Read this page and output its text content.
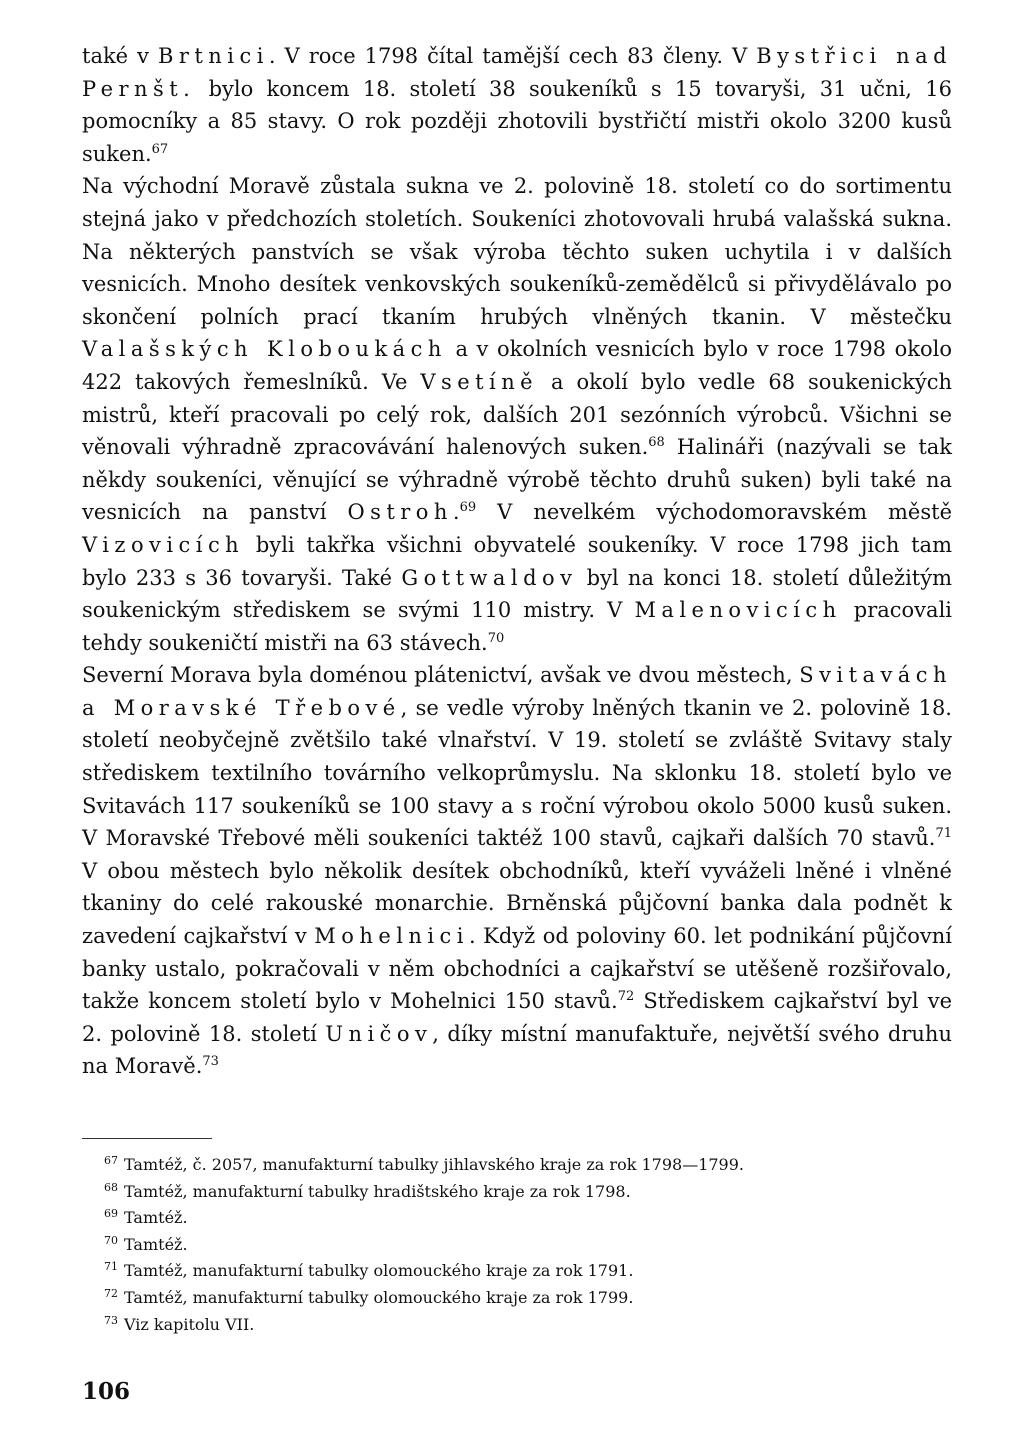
také v Brtnici. V roce 1798 čítal tamější cech 83 členy. V Bystřici nad Pernšt. bylo koncem 18. století 38 soukeníků s 15 tovaryši, 31 učni, 16 pomocníky a 85 stavy. O rok později zhotovili bystřičtí mistři okolo 3200 kusů suken.$^{67}$

Na východní Moravě zůstala sukna ve 2. polovině 18. století co do sortimentu stejná jako v předchozích stoletích. Soukeníci zhotovovali hrubá valašská sukna. Na některých panstvích se však výroba těchto suken uchytila i v dalších vesnicích. Mnoho desítek venkovských soukeníků-zemědělců si přivydělávalo po skončení polních prací tkaním hrubých vlněných tkanin. V městečku Valašských Kloboukách a v okolních vesnicích bylo v roce 1798 okolo 422 takových řemeslníků. Ve Vsetíně a okolí bylo vedle 68 soukenických mistrů, kteří pracovali po celý rok, dalších 201 sezónních výrobců. Všichni se věnovali výhradně zpracovávání halenových suken.$^{68}$ Halináři (nazývali se tak někdy soukeníci, věnující se výhradně výrobě těchto druhů suken) byli také na vesnicích na panství Ostroh.$^{69}$ V nevelkém východomoravském městě Vizovicích byli takřka všichni obyvatelé soukeníky. V roce 1798 jich tam bylo 233 s 36 tovaryši. Také Gottwaldov byl na konci 18. století důležitým soukenickým střediskem se svými 110 mistry. V Malenovicích pracovali tehdy soukeničtí mistři na 63 stávech.$^{70}$

Severní Morava byla doménou plátenictví, avšak ve dvou městech, Svitavách a Moravské Třebové, se vedle výroby lněných tkanin ve 2. polovině 18. století neobyčejně zvětšilo také vlnařství. V 19. století se zvláště Svitavy staly střediskem textilního továrního velkoprůmyslu. Na sklonku 18. století bylo ve Svitavách 117 soukeníků se 100 stavy a s roční výrobou okolo 5000 kusů suken. V Moravské Třebové měli soukeníci taktéž 100 stavů, cajkaři dalších 70 stavů.$^{71}$ V obou městech bylo několik desítek obchodníků, kteří vyváželi lněné i vlněné tkaniny do celé rakouské monarchie. Brněnská půjčovní banka dala podnět k zavedení cajkařství v Mohelnici. Když od poloviny 60. let podnikání půjčovní banky ustalo, pokračovali v něm obchodníci a cajkařství se utěšeně rozšiřovalo, takže koncem století bylo v Mohelnici 150 stavů.$^{72}$ Střediskem cajkařství byl ve 2. polovině 18. století Uničov, díky místní manufaktuře, největší svého druhu na Moravě.$^{73}$

$^{67}$ Tamtéž, č. 2057, manufakturní tabulky jihlavského kraje za rok 1798—1799.
$^{68}$ Tamtéž, manufakturní tabulky hradištského kraje za rok 1798.
$^{69}$ Tamtéž.
$^{70}$ Tamtéž.
$^{71}$ Tamtéž, manufakturní tabulky olomouckého kraje za rok 1791.
$^{72}$ Tamtéž, manufakturní tabulky olomouckého kraje za rok 1799.
$^{73}$ Viz kapitolu VII.
106
